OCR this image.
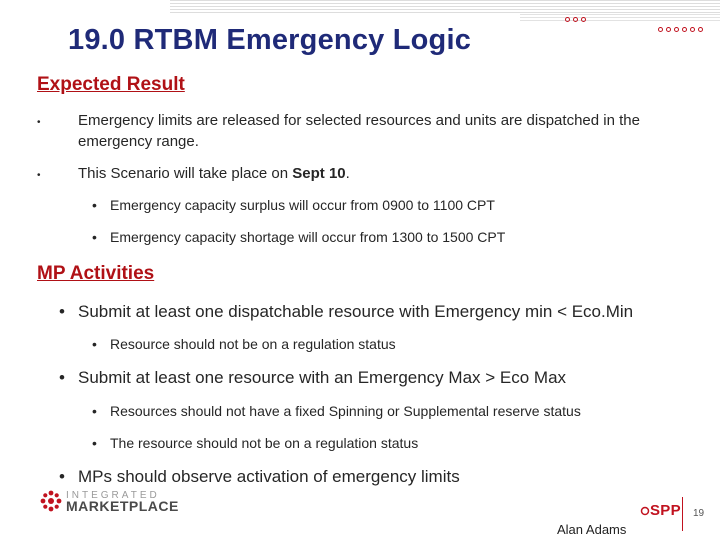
19.0 RTBM Emergency Logic
Expected Result
• Emergency limits are released for selected resources and units are dispatched in the emergency range.
• This Scenario will take place on Sept 10.
• Emergency capacity surplus will occur from 0900 to 1100 CPT
• Emergency capacity shortage will occur from 1300 to 1500 CPT
MP Activities
• Submit at least one dispatchable resource with Emergency min < Eco.Min
• Resource should not be on a regulation status
• Submit at least one resource with an Emergency Max > Eco Max
• Resources should not have a fixed Spinning or Supplemental reserve status
• The resource should not be on a regulation status
• MPs should observe activation of emergency limits
INTEGRATED
MARKETPLACE	SPP 19
Alan Adams
